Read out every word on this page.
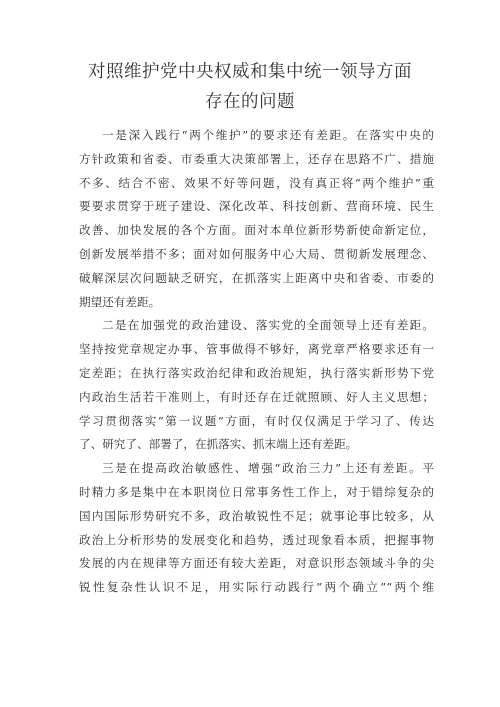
对照维护党中央权威和集中统一领导方面
存在的问题
一是深入践行“两个维护”的要求还有差距。在落实中央的
方针政策和省委、市委重大决策部署上，还存在思路不广、措施
不多、结合不密、效果不好等问题，没有真正将“两个维护”重
要要求贯穿于班子建设、深化改革、科技创新、营商环境、民生
改善、加快发展的各个方面。面对本单位新形势新使命新定位，
创新发展举措不多；面对如何服务中心大局、贯彻新发展理念、
破解深层次问题缺乏研究，在抓落实上距离中央和省委、市委的
期望还有差距。
二是在加强党的政治建设、落实党的全面领导上还有差距。
坚持按党章规定办事、管事做得不够好，离党章严格要求还有一
定差距；在执行落实政治纪律和政治规矩，执行落实新形势下党
内政治生活若干准则上，有时还存在迁就照顾、好人主义思想；
学习贯彻落实“第一议题”方面，有时仅仅满足于学习了、传达
了、研究了、部署了，在抓落实、抓末端上还有差距。
三是在提高政治敏感性、增强“政治三力”上还有差距。平
时精力多是集中在本职岗位日常事务性工作上，对于错综复杂的
国内国际形势研究不多，政治敏锐性不足；就事论事比较多，从
政治上分析形势的发展变化和趋势，透过现象看本质，把握事物
发展的内在规律等方面还有较大差距，对意识形态领域斗争的尖
锐性复杂性认识不足，用实际行动践行“两个确立”“两个维
